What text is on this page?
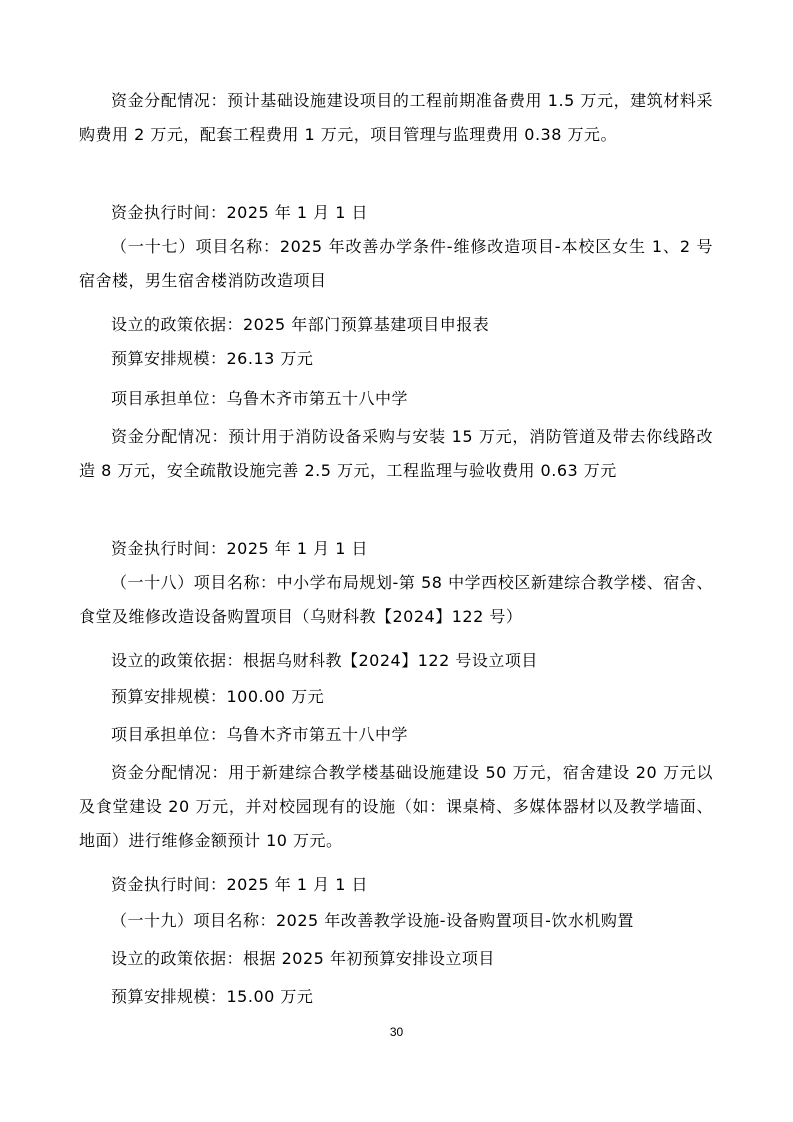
资金分配情况：预计基础设施建设项目的工程前期准备费用 1.5 万元，建筑材料采购费用 2 万元，配套工程费用 1 万元，项目管理与监理费用 0.38 万元。

资金执行时间：2025 年 1 月 1 日

（一十七）项目名称：2025 年改善办学条件-维修改造项目-本校区女生 1、2 号宿舍楼，男生宿舍楼消防改造项目

设立的政策依据：2025 年部门预算基建项目申报表

预算安排规模：26.13 万元

项目承担单位：乌鲁木齐市第五十八中学

资金分配情况：预计用于消防设备采购与安装 15 万元，消防管道及带去你线路改造 8 万元，安全疏散设施完善 2.5 万元，工程监理与验收费用 0.63 万元

资金执行时间：2025 年 1 月 1 日

（一十八）项目名称：中小学布局规划-第 58 中学西校区新建综合教学楼、宿舍、食堂及维修改造设备购置项目（乌财科教【2024】122 号）

设立的政策依据：根据乌财科教【2024】122 号设立项目

预算安排规模：100.00 万元

项目承担单位：乌鲁木齐市第五十八中学

资金分配情况：用于新建综合教学楼基础设施建设 50 万元，宿舍建设 20 万元以及食堂建设 20 万元，并对校园现有的设施（如：课桌椅、多媒体器材以及教学墙面、地面）进行维修金额预计 10 万元。

资金执行时间：2025 年 1 月 1 日

（一十九）项目名称：2025 年改善教学设施-设备购置项目-饮水机购置

设立的政策依据：根据 2025 年初预算安排设立项目

预算安排规模：15.00 万元

30
